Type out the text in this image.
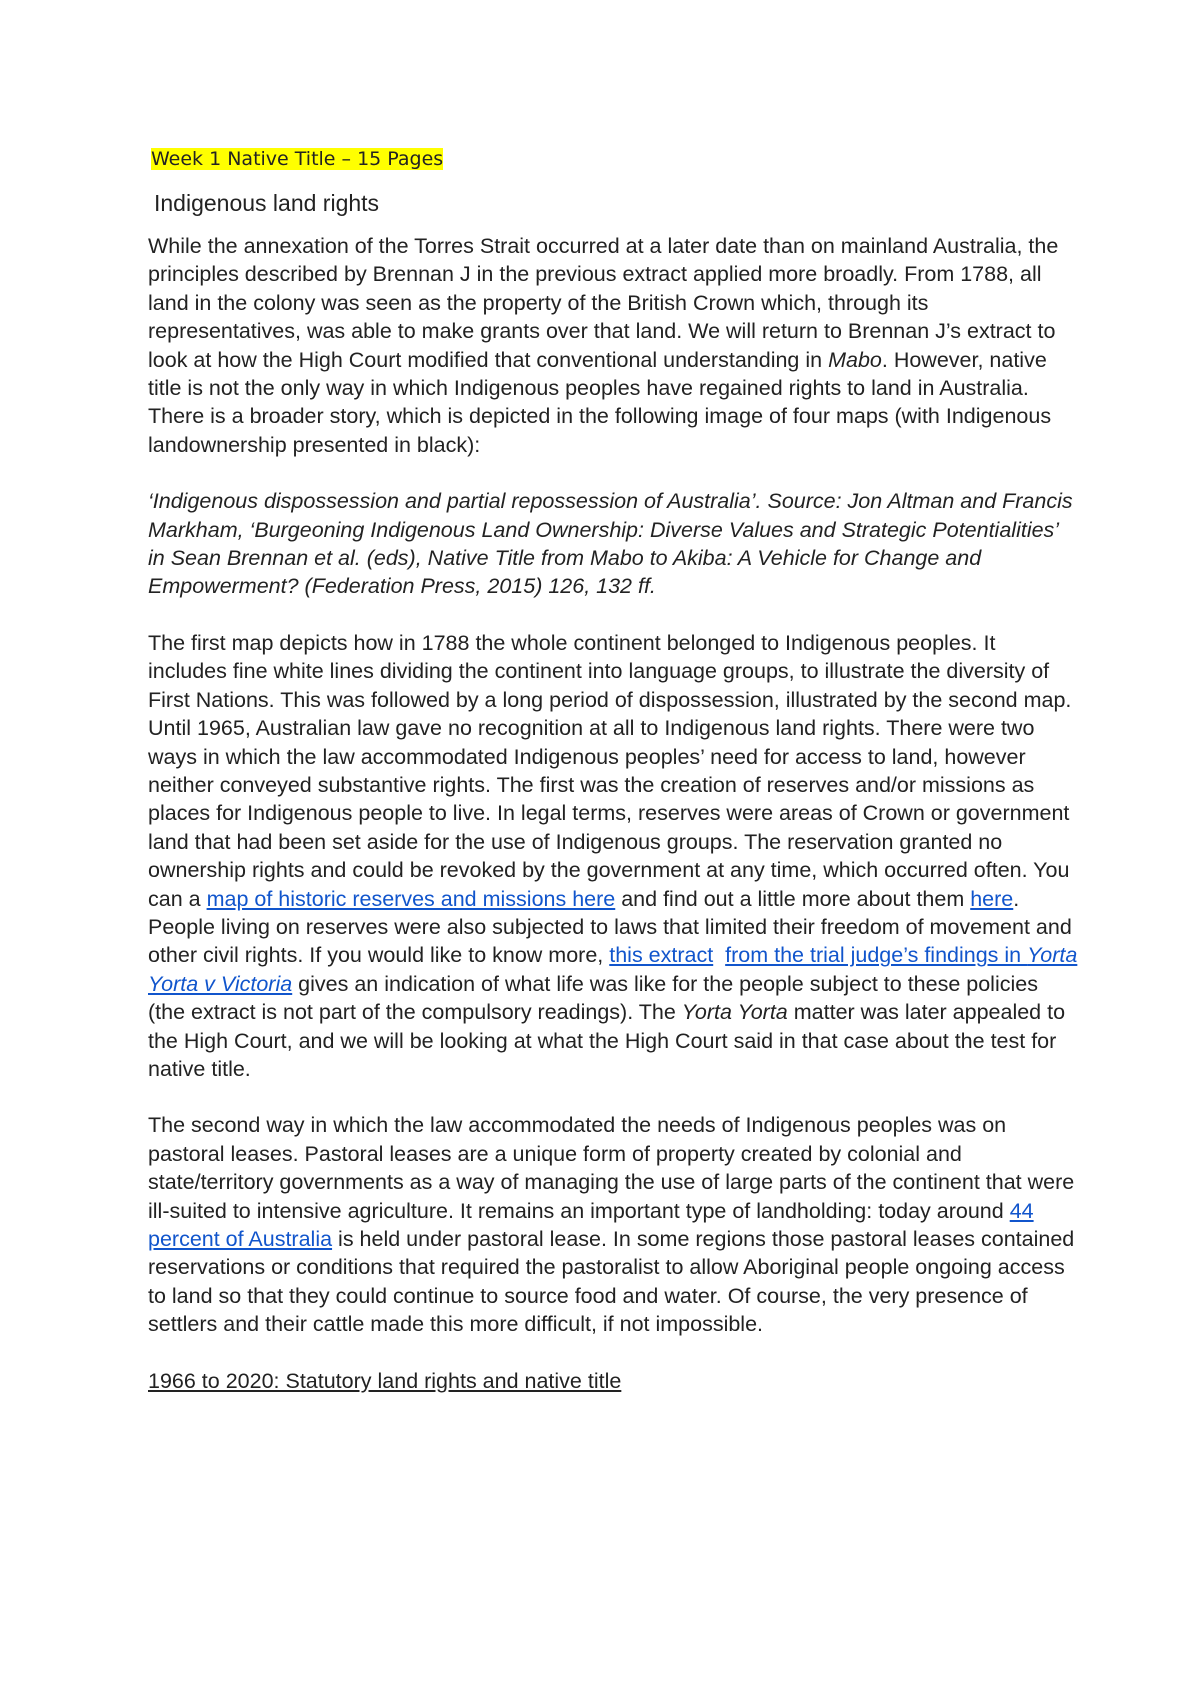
Week 1 Native Title – 15 Pages
Indigenous land rights

While the annexation of the Torres Strait occurred at a later date than on mainland Australia, the principles described by Brennan J in the previous extract applied more broadly. From 1788, all land in the colony was seen as the property of the British Crown which, through its representatives, was able to make grants over that land. We will return to Brennan J’s extract to look at how the High Court modified that conventional understanding in Mabo. However, native title is not the only way in which Indigenous peoples have regained rights to land in Australia. There is a broader story, which is depicted in the following image of four maps (with Indigenous landownership presented in black):

‘Indigenous dispossession and partial repossession of Australia’. Source: Jon Altman and Francis Markham, ‘Burgeoning Indigenous Land Ownership: Diverse Values and Strategic Potentialities’ in Sean Brennan et al. (eds), Native Title from Mabo to Akiba: A Vehicle for Change and Empowerment? (Federation Press, 2015) 126, 132 ff.

The first map depicts how in 1788 the whole continent belonged to Indigenous peoples. It includes fine white lines dividing the continent into language groups, to illustrate the diversity of First Nations. This was followed by a long period of dispossession, illustrated by the second map. Until 1965, Australian law gave no recognition at all to Indigenous land rights. There were two ways in which the law accommodated Indigenous peoples’ need for access to land, however neither conveyed substantive rights. The first was the creation of reserves and/or missions as places for Indigenous people to live. In legal terms, reserves were areas of Crown or government land that had been set aside for the use of Indigenous groups. The reservation granted no ownership rights and could be revoked by the government at any time, which occurred often. You can a map of historic reserves and missions here and find out a little more about them here. People living on reserves were also subjected to laws that limited their freedom of movement and other civil rights. If you would like to know more, this extract from the trial judge’s findings in Yorta Yorta v Victoria gives an indication of what life was like for the people subject to these policies (the extract is not part of the compulsory readings). The Yorta Yorta matter was later appealed to the High Court, and we will be looking at what the High Court said in that case about the test for native title.

The second way in which the law accommodated the needs of Indigenous peoples was on pastoral leases. Pastoral leases are a unique form of property created by colonial and state/territory governments as a way of managing the use of large parts of the continent that were ill-suited to intensive agriculture. It remains an important type of landholding: today around 44 percent of Australia is held under pastoral lease. In some regions those pastoral leases contained reservations or conditions that required the pastoralist to allow Aboriginal people ongoing access to land so that they could continue to source food and water. Of course, the very presence of settlers and their cattle made this more difficult, if not impossible.

1966 to 2020: Statutory land rights and native title
